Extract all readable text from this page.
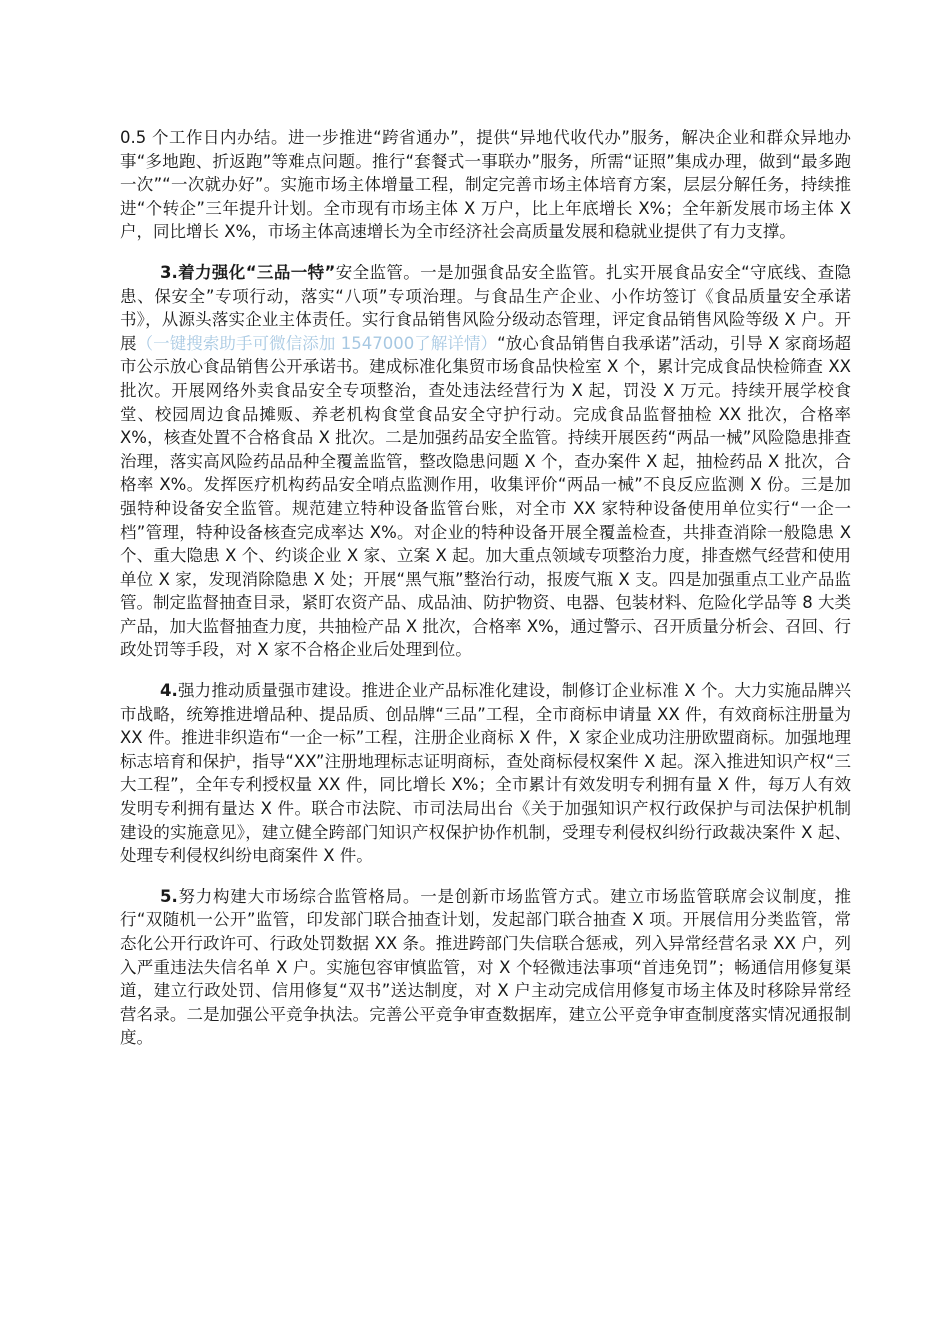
0.5 个工作日内办结。进一步推进“跨省通办”，提供“异地代收代办”服务，解决企业和群众异地办事“多地跑、折返跑”等难点问题。推行“套餐式一事联办”服务，所需“证照”集成办理，做到“最多跑一次”“一次就办好”。实施市场主体增量工程，制定完善市场主体培育方案，层层分解任务，持续推进“个转企”三年提升计划。全市现有市场主体 X 万户，比上年底增长 X%；全年新发展市场主体 X 户，同比增长 X%，市场主体高速增长为全市经济社会高质量发展和稳就业提供了有力支撑。

3.着力强化“三品一特”安全监管。一是加强食品安全监管。扎实开展食品安全“守底线、查隐患、保安全”专项行动，落实“八项”专项治理。与食品生产企业、小作坊签订《食品质量安全承诺书》，从源头落实企业主体责任。实行食品销售风险分级动态管理，评定食品销售风险等级 X 户。开展（一键搜索助手可微信添加 1547000了解详情）“放心食品销售自我承诺”活动，引导 X 家商场超市公示放心食品销售公开承诺书。建成标准化集贸市场食品快检室 X 个，累计完成食品快检筛查 XX 批次。开展网络外卖食品安全专项整治，查处违法经营行为 X 起，罚没 X 万元。持续开展学校食堂、校园周边食品摊贩、养老机构食堂食品安全守护行动。完成食品监督抽检 XX 批次，合格率 X%，核查处置不合格食品 X 批次。二是加强药品安全监管。持续开展医药“两品一械”风险隐患排查治理，落实高风险药品品种全覆盖监管，整改隐患问题 X 个，查办案件 X 起，抽检药品 X 批次，合格率 X%。发挥医疗机构药品安全哨点监测作用，收集评价“两品一械”不良反应监测 X 份。三是加强特种设备安全监管。规范建立特种设备监管台账，对全市 XX 家特种设备使用单位实行“一企一档”管理，特种设备核查完成率达 X%。对企业的特种设备开展全覆盖检查，共排查消除一般隐患 X 个、重大隐患 X 个、约谈企业 X 家、立案 X 起。加大重点领域专项整治力度，排查燃气经营和使用单位 X 家，发现消除隐患 X 处；开展“黑气瓶”整治行动，报废气瓶 X 支。四是加强重点工业产品监管。制定监督抽查目录，紧盯农资产品、成品油、防护物资、电器、包装材料、危险化学品等 8 大类产品，加大监督抽查力度，共抽检产品 X 批次，合格率 X%，通过警示、召开质量分析会、召回、行政处罚等手段，对 X 家不合格企业后处理到位。

4.强力推动质量强市建设。推进企业产品标准化建设，制修订企业标准 X 个。大力实施品牌兴市战略，统筹推进增品种、提品质、创品牌“三品”工程，全市商标申请量 XX 件，有效商标注册量为 XX 件。推进非织造布“一企一标”工程，注册企业商标 X 件，X 家企业成功注册欧盟商标。加强地理标志培育和保护，指导“XX”注册地理标志证明商标，查处商标侵权案件 X 起。深入推进知识产权“三大工程”，全年专利授权量 XX 件，同比增长 X%；全市累计有效发明专利拥有量 X 件，每万人有效发明专利拥有量达 X 件。联合市法院、市司法局出台《关于加强知识产权行政保护与司法保护机制建设的实施意见》，建立健全跨部门知识产权保护协作机制，受理专利侵权纠纷行政裁决案件 X 起、处理专利侵权纠纷电商案件 X 件。

5.努力构建大市场综合监管格局。一是创新市场监管方式。建立市场监管联席会议制度，推行“双随机一公开”监管，印发部门联合抽查计划，发起部门联合抽查 X 项。开展信用分类监管，常态化公开行政许可、行政处罚数据 XX 条。推进跨部门失信联合惩戒，列入异常经营名录 XX 户，列入严重违法失信名单 X 户。实施包容审慎监管，对 X 个轻微违法事项“首违免罚”；畅通信用修复渠道，建立行政处罚、信用修复“双书”送达制度，对 X 户主动完成信用修复市场主体及时移除异常经营名录。二是加强公平竞争执法。完善公平竞争审查数据库，建立公平竞争审查制度落实情况通报制度。
